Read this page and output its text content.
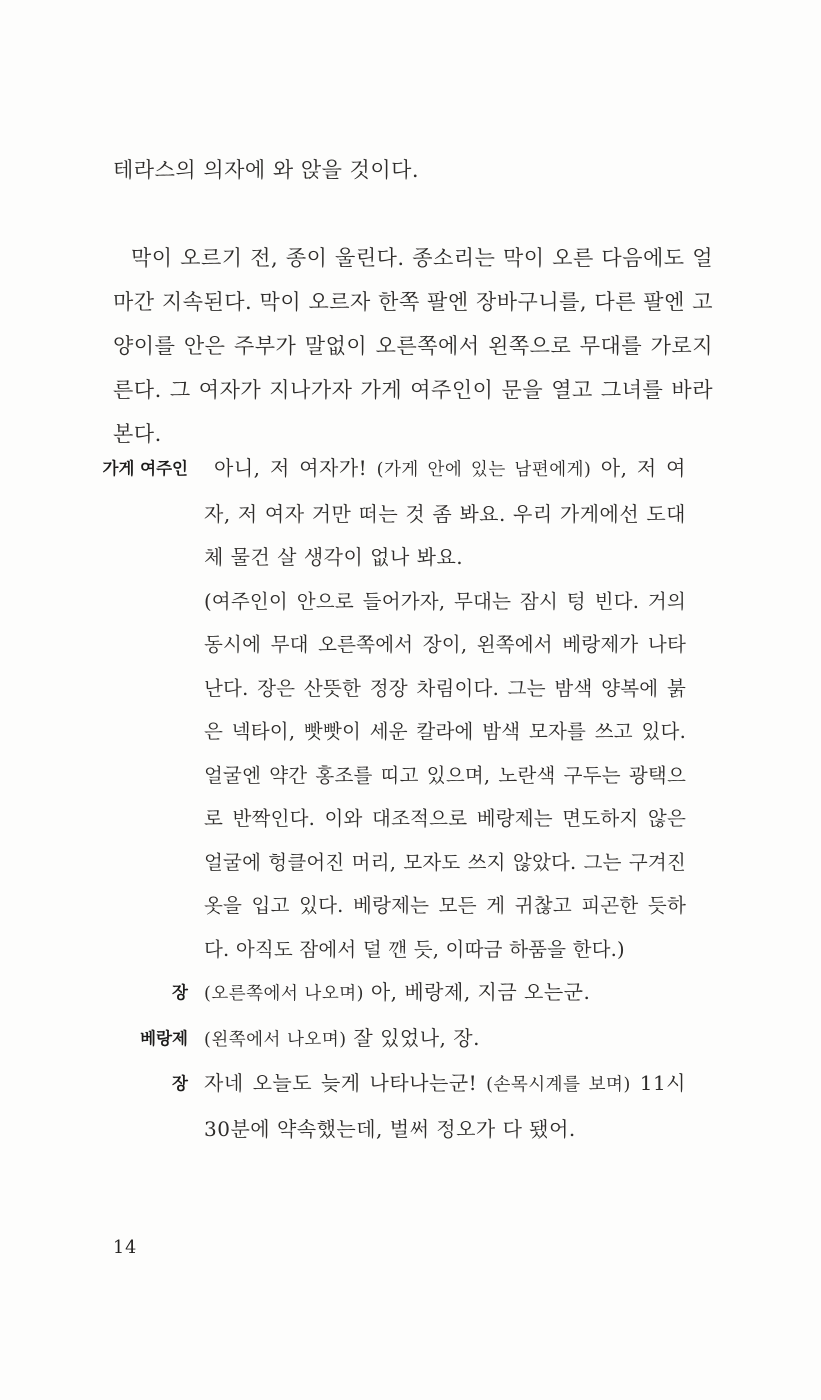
테라스의 의자에 와 앉을 것이다.

막이 오르기 전, 종이 울린다. 종소리는 막이 오른 다음에도 얼마간 지속된다. 막이 오르자 한쪽 팔엔 장바구니를, 다른 팔엔 고양이를 안은 주부가 말없이 오른쪽에서 왼쪽으로 무대를 가로지른다. 그 여자가 지나가자 가게 여주인이 문을 열고 그녀를 바라본다.

가게 여주인	아니, 저 여자가! (가게 안에 있는 남편에게) 아, 저 여자, 저 여자 거만 떠는 것 좀 봐요. 우리 가게에선 도대체 물건 살 생각이 없나 봐요.

(여주인이 안으로 들어가자, 무대는 잠시 텅 빈다. 거의 동시에 무대 오른쪽에서 장이, 왼쪽에서 베랑제가 나타난다. 장은 산뜻한 정장 차림이다. 그는 밤색 양복에 붉은 넥타이, 빳빳이 세운 칼라에 밤색 모자를 쓰고 있다. 얼굴엔 약간 홍조를 띠고 있으며, 노란색 구두는 광택으로 반짝인다. 이와 대조적으로 베랑제는 면도하지 않은 얼굴에 헝클어진 머리, 모자도 쓰지 않았다. 그는 구겨진 옷을 입고 있다. 베랑제는 모든 게 귀찮고 피곤한 듯하다. 아직도 잠에서 덜 깬 듯, 이따금 하품을 한다.)

장 (오른쪽에서 나오며) 아, 베랑제, 지금 오는군.

베랑제 (왼쪽에서 나오며) 잘 있었나, 장.

장 자네 오늘도 늦게 나타나는군! (손목시계를 보며) 11시 30분에 약속했는데, 벌써 정오가 다 됐어.

14
